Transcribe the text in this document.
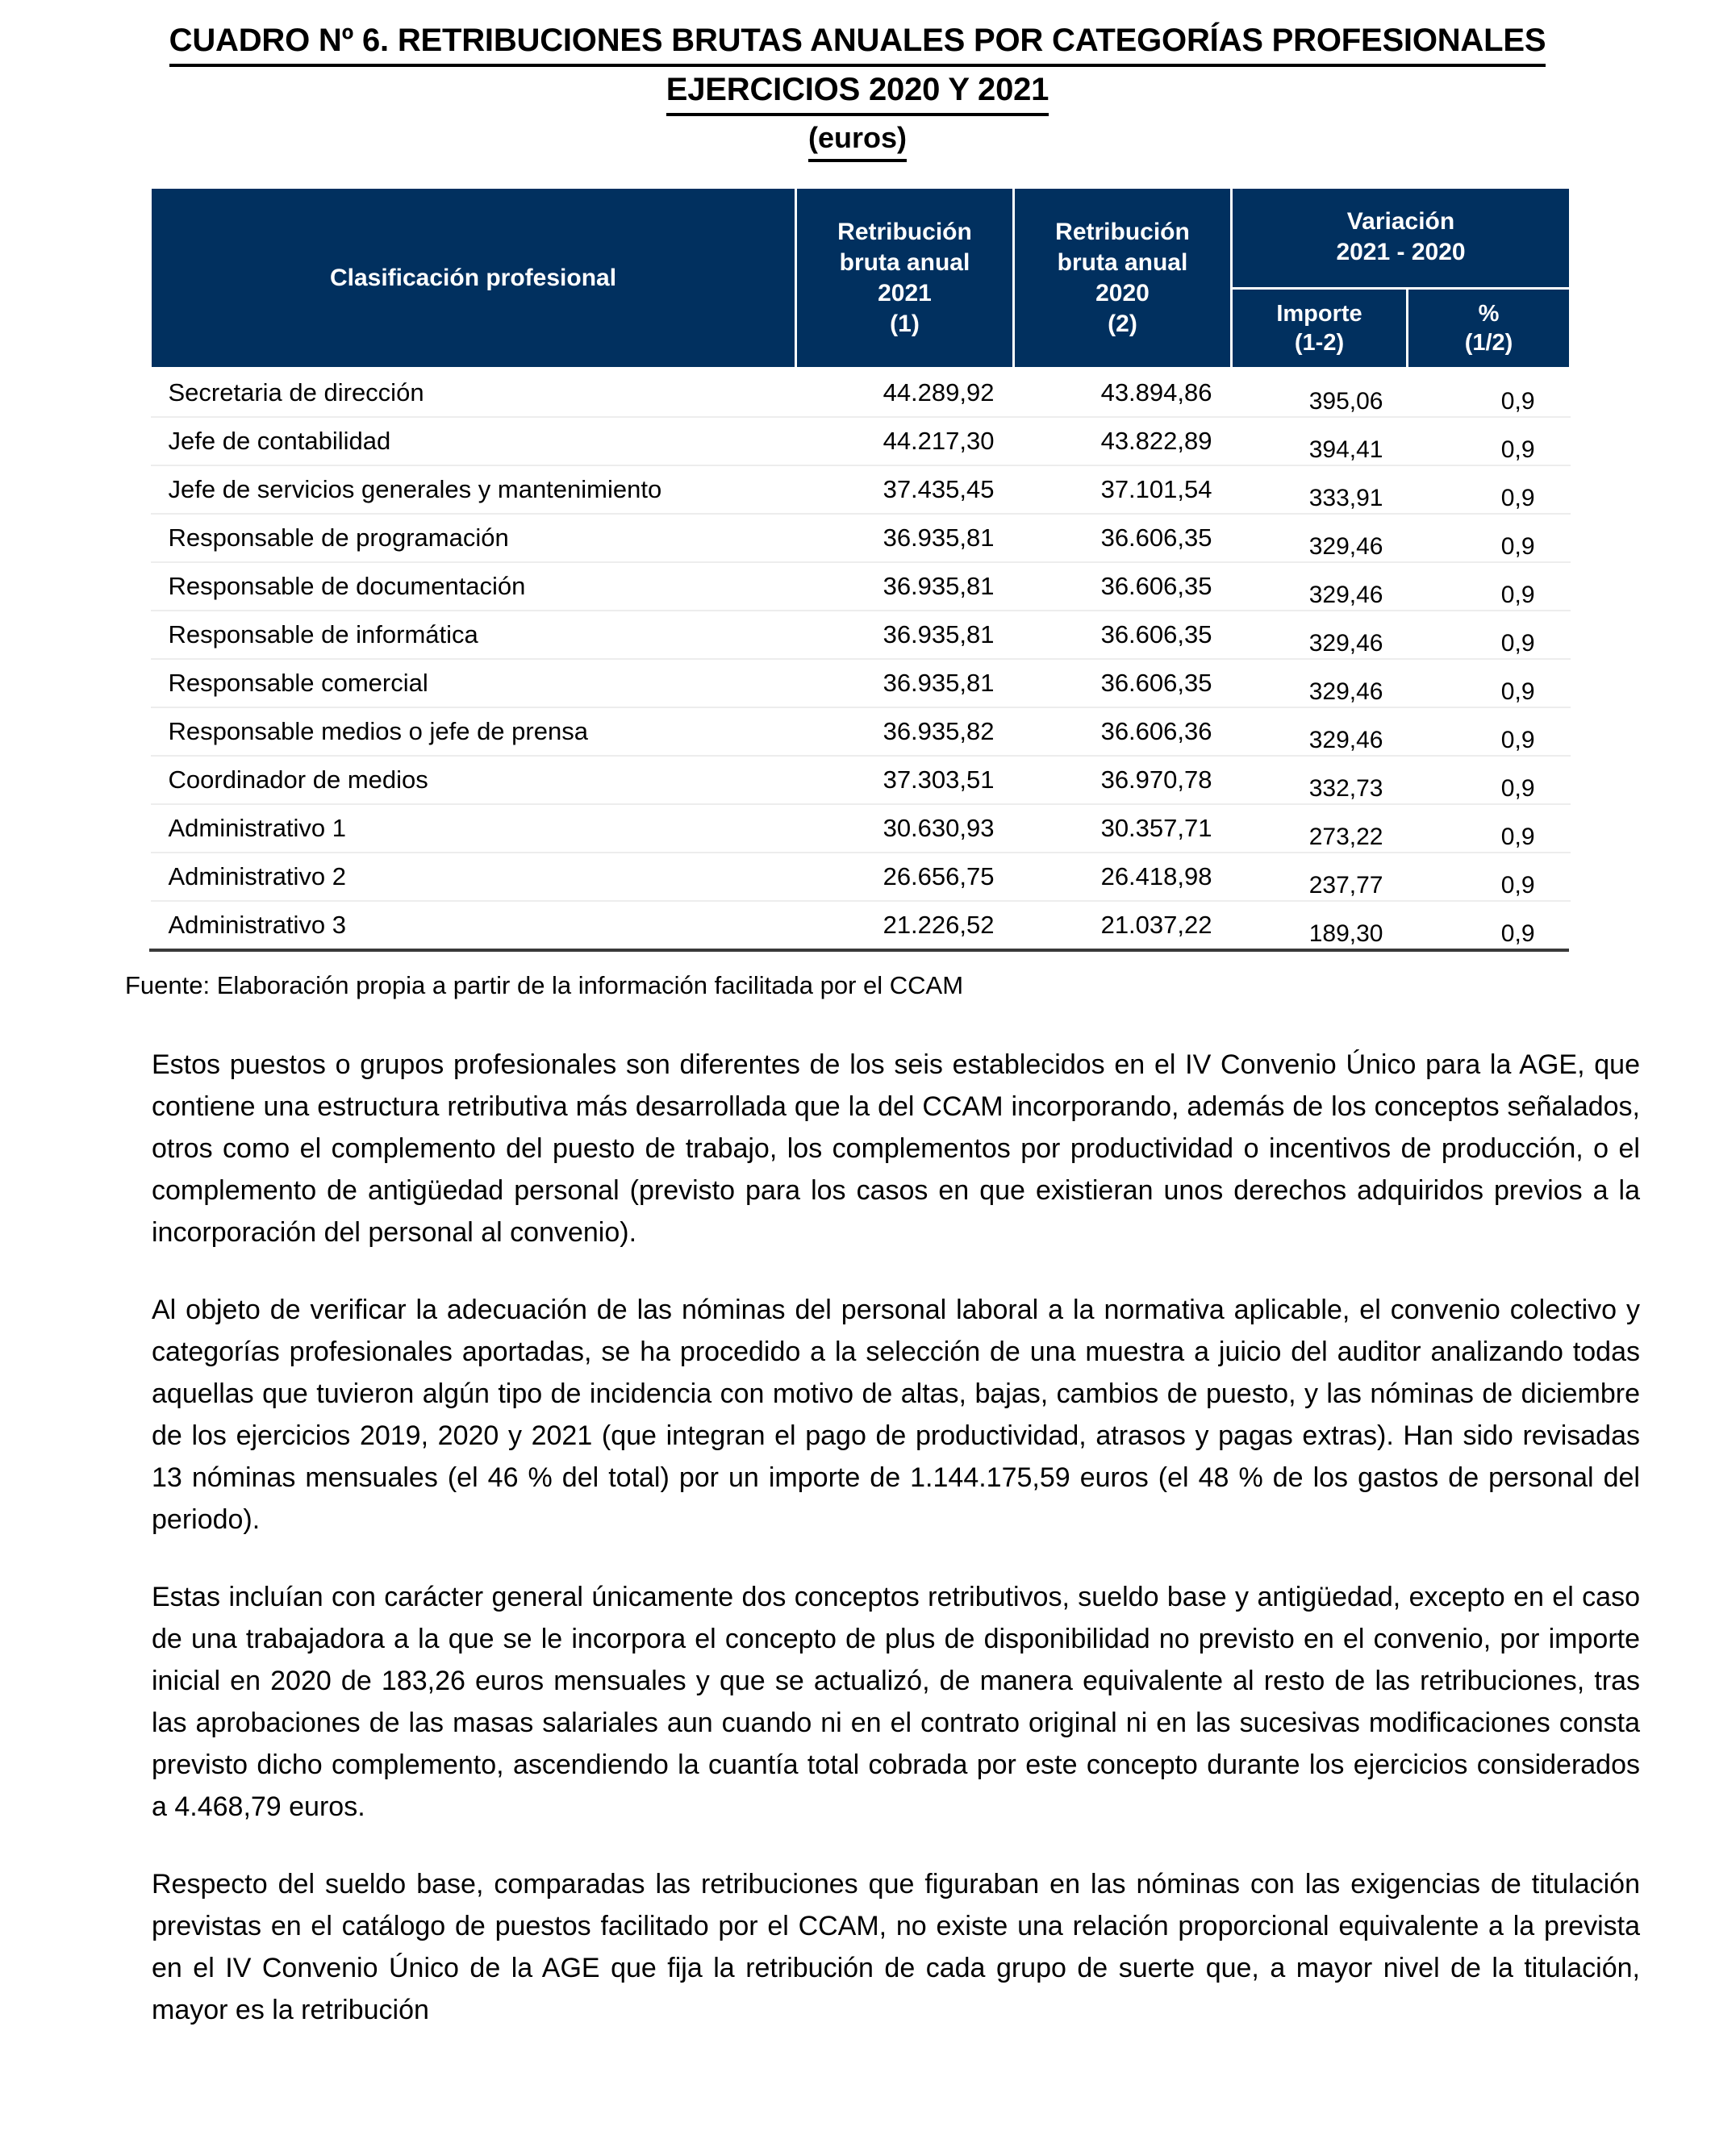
CUADRO Nº 6. RETRIBUCIONES BRUTAS ANUALES POR CATEGORÍAS PROFESIONALES
EJERCICIOS 2020 Y 2021
(euros)
Clasificación profesional	Retribución
bruta anual
2021
(1)	Retribución
bruta anual
2020
(2)	Variación
2021 - 2020	

			Importe
(1-2)	%
(1/2)

Secretaria de dirección	44.289,92	43.894,86	395,06	0,9
Jefe de contabilidad	44.217,30	43.822,89	394,41	0,9
Jefe de servicios generales y mantenimiento	37.435,45	37.101,54	333,91	0,9
Responsable de programación	36.935,81	36.606,35	329,46	0,9
Responsable de documentación	36.935,81	36.606,35	329,46	0,9
Responsable de informática	36.935,81	36.606,35	329,46	0,9
Responsable comercial	36.935,81	36.606,35	329,46	0,9
Responsable medios o jefe de prensa	36.935,82	36.606,36	329,46	0,9
Coordinador de medios	37.303,51	36.970,78	332,73	0,9
Administrativo 1	30.630,93	30.357,71	273,22	0,9
Administrativo 2	26.656,75	26.418,98	237,77	0,9
Administrativo 3	21.226,52	21.037,22	189,30	0,9
Fuente: Elaboración propia a partir de la información facilitada por el CCAM

Estos puestos o grupos profesionales son diferentes de los seis establecidos en el IV Convenio Único para la AGE, que contiene una estructura retributiva más desarrollada que la del CCAM incorporando, además de los conceptos señalados, otros como el complemento del puesto de trabajo, los complementos por productividad o incentivos de producción, o el complemento de antigüedad personal (previsto para los casos en que existieran unos derechos adquiridos previos a la incorporación del personal al convenio).

Al objeto de verificar la adecuación de las nóminas del personal laboral a la normativa aplicable, el convenio colectivo y categorías profesionales aportadas, se ha procedido a la selección de una muestra a juicio del auditor analizando todas aquellas que tuvieron algún tipo de incidencia con motivo de altas, bajas, cambios de puesto, y las nóminas de diciembre de los ejercicios 2019, 2020 y 2021 (que integran el pago de productividad, atrasos y pagas extras). Han sido revisadas 13 nóminas mensuales (el 46 % del total) por un importe de 1.144.175,59 euros (el 48 % de los gastos de personal del periodo).

Estas incluían con carácter general únicamente dos conceptos retributivos, sueldo base y antigüedad, excepto en el caso de una trabajadora a la que se le incorpora el concepto de plus de disponibilidad no previsto en el convenio, por importe inicial en 2020 de 183,26 euros mensuales y que se actualizó, de manera equivalente al resto de las retribuciones, tras las aprobaciones de las masas salariales aun cuando ni en el contrato original ni en las sucesivas modificaciones consta previsto dicho complemento, ascendiendo la cuantía total cobrada por este concepto durante los ejercicios considerados a 4.468,79 euros.

Respecto del sueldo base, comparadas las retribuciones que figuraban en las nóminas con las exigencias de titulación previstas en el catálogo de puestos facilitado por el CCAM, no existe una relación proporcional equivalente a la prevista en el IV Convenio Único de la AGE que fija la retribución de cada grupo de suerte que, a mayor nivel de la titulación, mayor es la retribución
